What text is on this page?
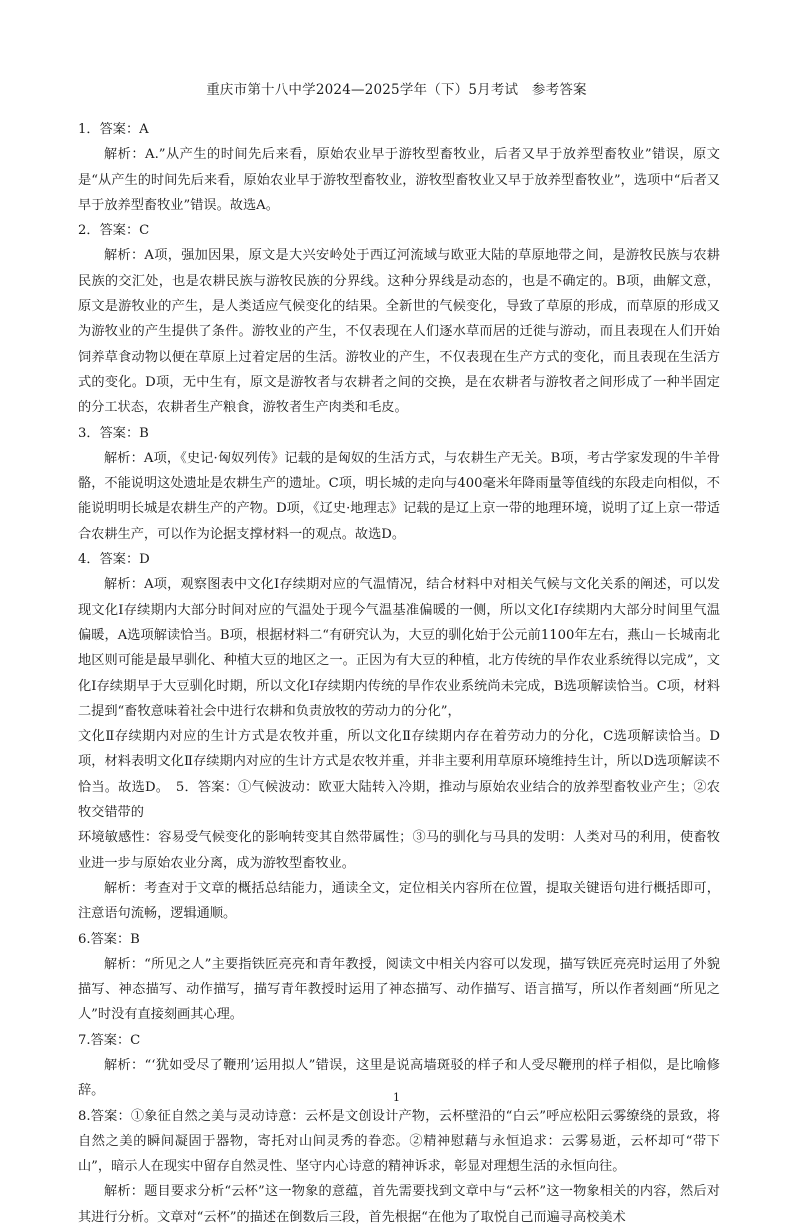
重庆市第十八中学2024—2025学年（下）5月考试　参考答案

1．答案：A

解析：A.”从产生的时间先后来看，原始农业早于游牧型畜牧业，后者又早于放养型畜牧业”错误，原文是“从产生的时间先后来看，原始农业早于游牧型畜牧业，游牧型畜牧业又早于放养型畜牧业”，选项中“后者又早于放养型畜牧业”错误。故选A。

2．答案：C

解析：A项，强加因果，原文是大兴安岭处于西辽河流域与欧亚大陆的草原地带之间，是游牧民族与农耕民族的交汇处，也是农耕民族与游牧民族的分界线。这种分界线是动态的，也是不确定的。B项，曲解文意，原文是游牧业的产生，是人类适应气候变化的结果。全新世的气候变化，导致了草原的形成，而草原的形成又为游牧业的产生提供了条件。游牧业的产生，不仅表现在人们逐水草而居的迁徙与游动，而且表现在人们开始饲养草食动物以便在草原上过着定居的生活。游牧业的产生，不仅表现在生产方式的变化，而且表现在生活方式的变化。D项，无中生有，原文是游牧者与农耕者之间的交换，是在农耕者与游牧者之间形成了一种半固定的分工状态，农耕者生产粮食，游牧者生产肉类和毛皮。

3．答案：B

解析：A项，《史记·匈奴列传》记载的是匈奴的生活方式，与农耕生产无关。B项，考古学家发现的牛羊骨骼，不能说明这处遗址是农耕生产的遗址。C项，明长城的走向与400毫米年降雨量等值线的东段走向相似，不能说明明长城是农耕生产的产物。D项，《辽史·地理志》记载的是辽上京一带的地理环境，说明了辽上京一带适合农耕生产，可以作为论据支撑材料一的观点。故选D。

4．答案：D

解析：A项，观察图表中文化Ⅰ存续期对应的气温情况，结合材料中对相关气候与文化关系的阐述，可以发现文化Ⅰ存续期内大部分时间对应的气温处于现今气温基准偏暖的一侧，所以文化Ⅰ存续期内大部分时间里气温偏暖，A选项解读恰当。B项，根据材料二“有研究认为，大豆的驯化始于公元前1100年左右，燕山－长城南北地区则可能是最早驯化、种植大豆的地区之一。正因为有大豆的种植，北方传统的旱作农业系统得以完成”，文化Ⅰ存续期早于大豆驯化时期，所以文化Ⅰ存续期内传统的旱作农业系统尚未完成，B选项解读恰当。C项，材料二提到“畜牧意味着社会中进行农耕和负责放牧的劳动力的分化”，

文化Ⅱ存续期内对应的生计方式是农牧并重，所以文化Ⅱ存续期内存在着劳动力的分化，C选项解读恰当。D项，材料表明文化Ⅱ存续期内对应的生计方式是农牧并重，并非主要利用草原环境维持生计，所以D选项解读不恰当。故选D。　5．答案：①气候波动：欧亚大陆转入冷期，推动与原始农业结合的放养型畜牧业产生；②农牧交错带的

环境敏感性：容易受气候变化的影响转变其自然带属性；③马的驯化与马具的发明：人类对马的利用，使畜牧业进一步与原始农业分离，成为游牧型畜牧业。

解析：考查对于文章的概括总结能力，通读全文，定位相关内容所在位置，提取关键语句进行概括即可，注意语句流畅，逻辑通顺。

6.答案：B

解析：“所见之人”主要指铁匠亮亮和青年教授，阅读文中相关内容可以发现，描写铁匠亮亮时运用了外貌描写、神态描写、动作描写，描写青年教授时运用了神态描写、动作描写、语言描写，所以作者刻画“所见之人”时没有直接刻画其心理。

7.答案：C

解析：“‘犹如受尽了鞭刑’运用拟人”错误，这里是说高墙斑驳的样子和人受尽鞭刑的样子相似，是比喻修辞。

8.答案：①象征自然之美与灵动诗意：云杯是文创设计产物，云杯壁沿的“白云”呼应松阳云雾缭绕的景致，将自然之美的瞬间凝固于器物，寄托对山间灵秀的眷恋。②精神慰藉与永恒追求：云雾易逝，云杯却可“带下山”，暗示人在现实中留存自然灵性、坚守内心诗意的精神诉求，彰显对理想生活的永恒向往。

解析：题目要求分析“云杯”这一物象的意蕴，首先需要找到文章中与“云杯”这一物象相关的内容，然后对其进行分析。文章对“云杯”的描述在倒数后三段，首先根据“在他为了取悦自己而遍寻高校美术

1
